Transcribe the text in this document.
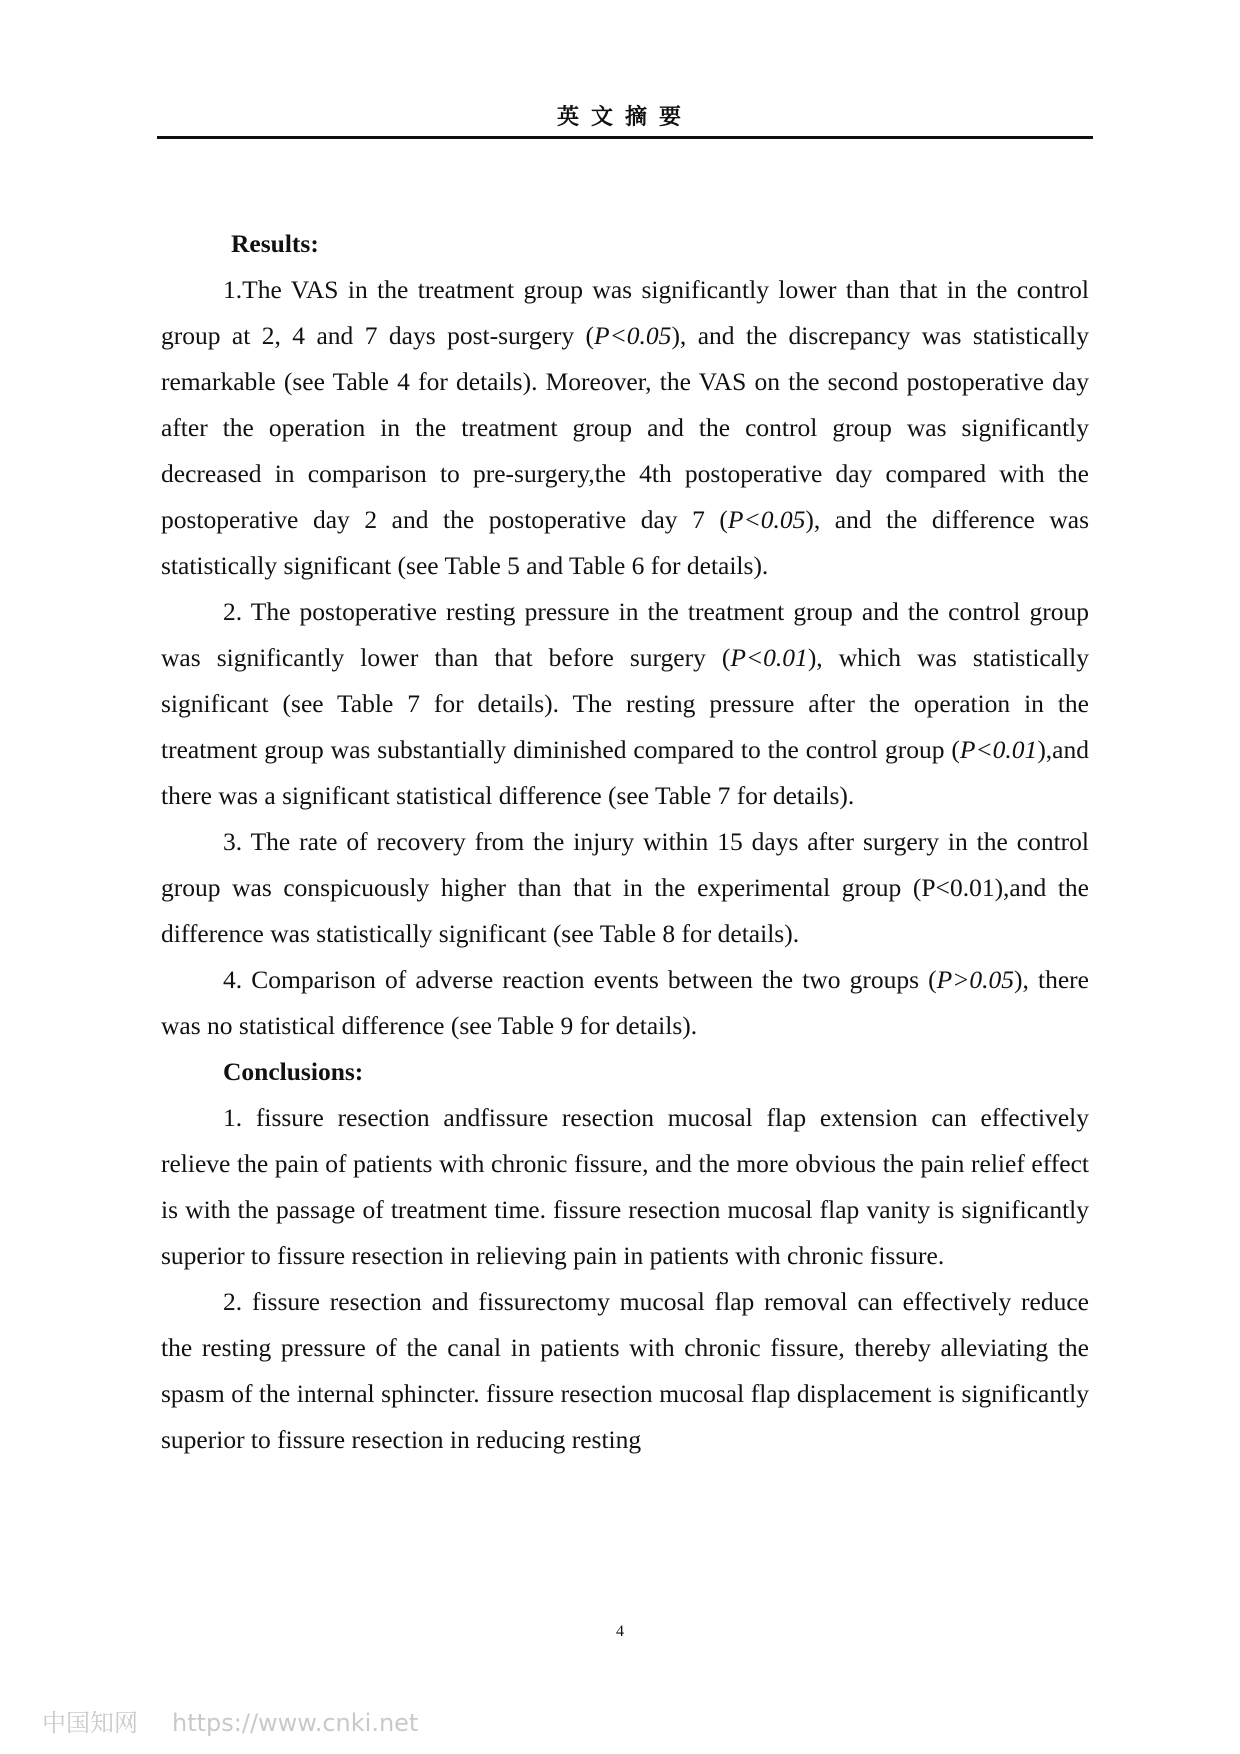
英文摘要

Results:

1.The VAS in the treatment group was significantly lower than that in the control group at 2, 4 and 7 days post-surgery (P<0.05), and the discrepancy was statistically remarkable (see Table 4 for details). Moreover, the VAS on the second postoperative day after the operation in the treatment group and the control group was significantly decreased in comparison to pre-surgery,the 4th postoperative day compared with the postoperative day 2 and the postoperative day 7 (P<0.05), and the difference was statistically significant (see Table 5 and Table 6 for details).

2. The postoperative resting pressure in the treatment group and the control group was significantly lower than that before surgery (P<0.01), which was statistically significant (see Table 7 for details). The resting pressure after the operation in the treatment group was substantially diminished compared to the control group (P<0.01),and there was a significant statistical difference (see Table 7 for details).

3. The rate of recovery from the injury within 15 days after surgery in the control group was conspicuously higher than that in the experimental group (P<0.01),and the difference was statistically significant (see Table 8 for details).

4. Comparison of adverse reaction events between the two groups (P>0.05), there was no statistical difference (see Table 9 for details).

Conclusions:

1. fissure resection andfissure resection mucosal flap extension can effectively relieve the pain of patients with chronic fissure, and the more obvious the pain relief effect is with the passage of treatment time. fissure resection mucosal flap vanity is significantly superior to fissure resection in relieving pain in patients with chronic fissure.

2. fissure resection and fissurectomy mucosal flap removal can effectively reduce the resting pressure of the canal in patients with chronic fissure, thereby alleviating the spasm of the internal sphincter. fissure resection mucosal flap displacement is significantly superior to fissure resection in reducing resting

4
中国知网 https://www.cnki.net
